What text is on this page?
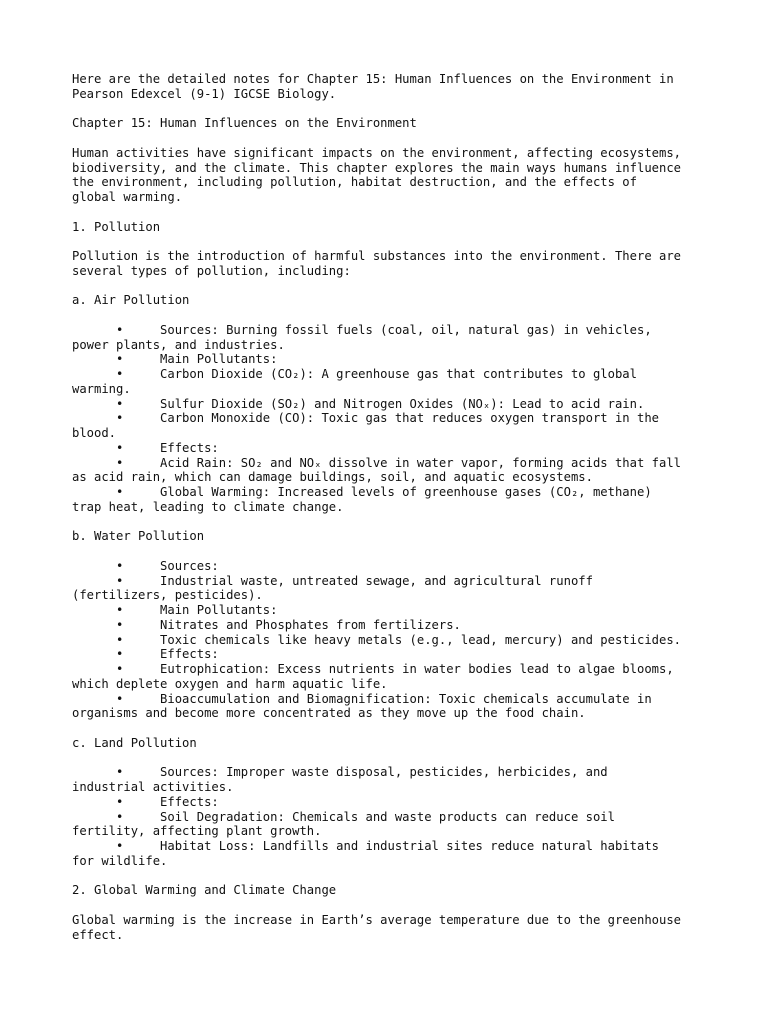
Here are the detailed notes for Chapter 15: Human Influences on the Environment in
Pearson Edexcel (9-1) IGCSE Biology.

Chapter 15: Human Influences on the Environment

Human activities have significant impacts on the environment, affecting ecosystems,
biodiversity, and the climate. This chapter explores the main ways humans influence
the environment, including pollution, habitat destruction, and the effects of
global warming.

1. Pollution

Pollution is the introduction of harmful substances into the environment. There are
several types of pollution, including:

a. Air Pollution

•     Sources: Burning fossil fuels (coal, oil, natural gas) in vehicles,
power plants, and industries.
•     Main Pollutants:
•     Carbon Dioxide (CO₂): A greenhouse gas that contributes to global
warming.
•     Sulfur Dioxide (SO₂) and Nitrogen Oxides (NOₓ): Lead to acid rain.
•     Carbon Monoxide (CO): Toxic gas that reduces oxygen transport in the
blood.
•     Effects:
•     Acid Rain: SO₂ and NOₓ dissolve in water vapor, forming acids that fall
as acid rain, which can damage buildings, soil, and aquatic ecosystems.
•     Global Warming: Increased levels of greenhouse gases (CO₂, methane)
trap heat, leading to climate change.

b. Water Pollution

•     Sources:
•     Industrial waste, untreated sewage, and agricultural runoff
(fertilizers, pesticides).
•     Main Pollutants:
•     Nitrates and Phosphates from fertilizers.
•     Toxic chemicals like heavy metals (e.g., lead, mercury) and pesticides.
•     Effects:
•     Eutrophication: Excess nutrients in water bodies lead to algae blooms,
which deplete oxygen and harm aquatic life.
•     Bioaccumulation and Biomagnification: Toxic chemicals accumulate in
organisms and become more concentrated as they move up the food chain.

c. Land Pollution

•     Sources: Improper waste disposal, pesticides, herbicides, and
industrial activities.
•     Effects:
•     Soil Degradation: Chemicals and waste products can reduce soil
fertility, affecting plant growth.
•     Habitat Loss: Landfills and industrial sites reduce natural habitats
for wildlife.

2. Global Warming and Climate Change

Global warming is the increase in Earth’s average temperature due to the greenhouse
effect.
